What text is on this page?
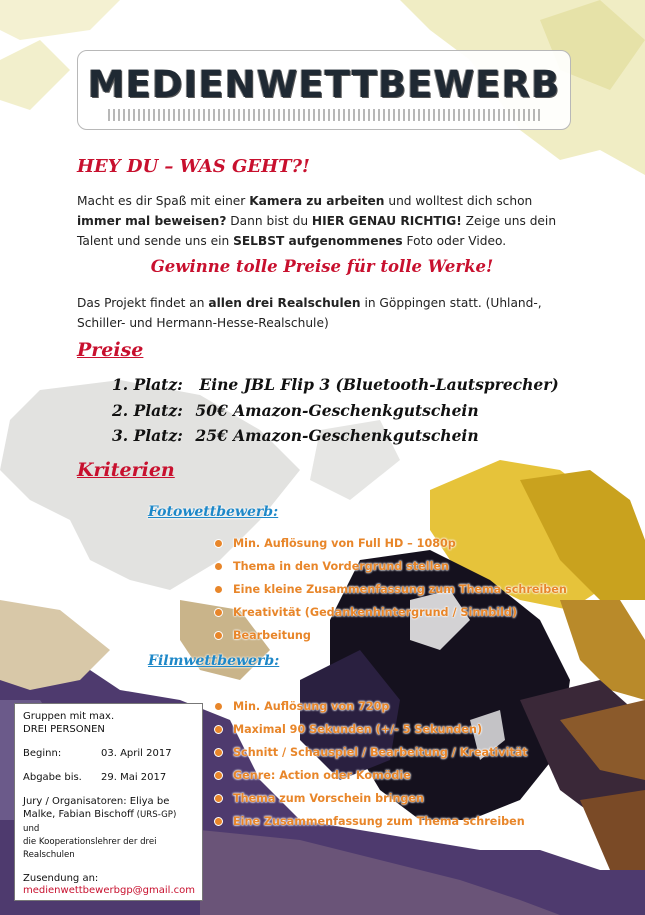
MEDIENWETTBEWERB
HEY DU – WAS GEHT?!
Macht es dir Spaß mit einer Kamera zu arbeiten und wolltest dich schon immer mal beweisen? Dann bist du HIER GENAU RICHTIG! Zeige uns dein Talent und sende uns ein SELBST aufgenommenes Foto oder Video.
Gewinne tolle Preise für tolle Werke!
Das Projekt findet an allen drei Realschulen in Göppingen statt. (Uhland-, Schiller- und Hermann-Hesse-Realschule)
Preise
1. Platz: Eine JBL Flip 3 (Bluetooth-Lautsprecher)
2. Platz: 50€ Amazon-Geschenkgutschein
3. Platz: 25€ Amazon-Geschenkgutschein
Kriterien
Fotowettbewerb:
Min. Auflösung von Full HD – 1080p
Thema in den Vordergrund stellen
Eine kleine Zusammenfassung zum Thema schreiben
Kreativität (Gedankenhintergrund / Sinnbild)
Bearbeitung
Filmwettbewerb:
Min. Auflösung von 720p
Maximal 90 Sekunden (+/- 5 Sekunden)
Schnitt / Schauspiel / Bearbeitung / Kreativität
Genre: Action oder Komödie
Thema zum Vorschein bringen
Eine Zusammenfassung zum Thema schreiben
Gruppen mit max.
DREI PERSONEN
Beginn:	03. April 2017
Abgabe bis.	29. Mai 2017
Jury / Organisatoren: Eliya be
Malke, Fabian Bischoff (URS-GP) und
die Kooperationslehrer der drei
Realschulen
Zusendung an:
medienwettbewerbgp@gmail.com
